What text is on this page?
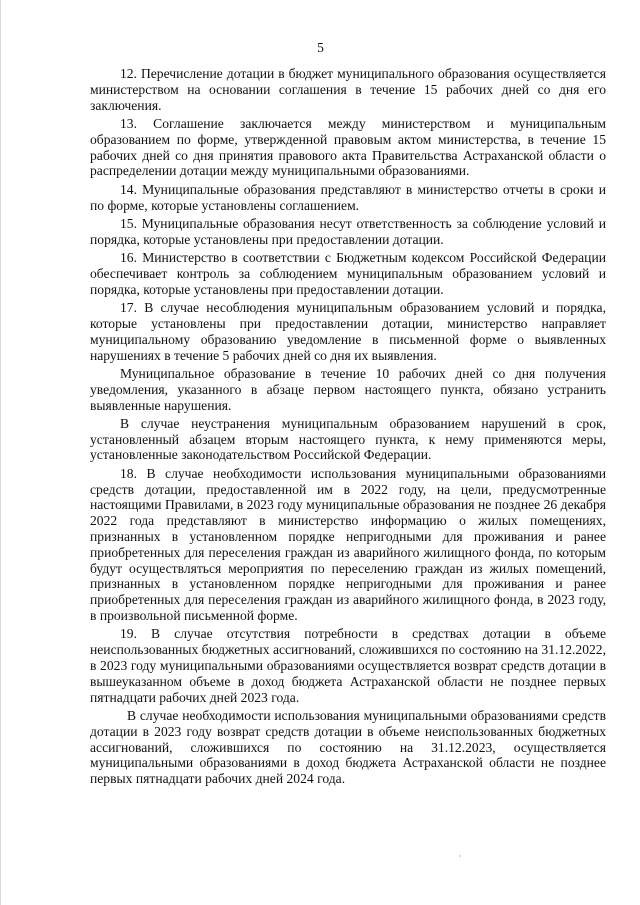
5

12. Перечисление дотации в бюджет муниципального образования осуществляется министерством на основании соглашения в течение 15 рабочих дней со дня его заключения.

13. Соглашение заключается между министерством и муниципальным образованием по форме, утвержденной правовым актом министерства, в течение 15 рабочих дней со дня принятия правового акта Правительства Астраханской области о распределении дотации между муниципальными образованиями.

14. Муниципальные образования представляют в министерство отчеты в сроки и по форме, которые установлены соглашением.

15. Муниципальные образования несут ответственность за соблюдение условий и порядка, которые установлены при предоставлении дотации.

16. Министерство в соответствии с Бюджетным кодексом Российской Федерации обеспечивает контроль за соблюдением муниципальным образованием условий и порядка, которые установлены при предоставлении дотации.

17. В случае несоблюдения муниципальным образованием условий и порядка, которые установлены при предоставлении дотации, министерство направляет муниципальному образованию уведомление в письменной форме о выявленных нарушениях в течение 5 рабочих дней со дня их выявления.

Муниципальное образование в течение 10 рабочих дней со дня получения уведомления, указанного в абзаце первом настоящего пункта, обязано устранить выявленные нарушения.

В случае неустранения муниципальным образованием нарушений в срок, установленный абзацем вторым настоящего пункта, к нему применяются меры, установленные законодательством Российской Федерации.

18. В случае необходимости использования муниципальными образованиями средств дотации, предоставленной им в 2022 году, на цели, предусмотренные настоящими Правилами, в 2023 году муниципальные образования не позднее 26 декабря 2022 года представляют в министерство информацию о жилых помещениях, признанных в установленном порядке непригодными для проживания и ранее приобретенных для переселения граждан из аварийного жилищного фонда, по которым будут осуществляться мероприятия по переселению граждан из жилых помещений, признанных в установленном порядке непригодными для проживания и ранее приобретенных для переселения граждан из аварийного жилищного фонда, в 2023 году, в произвольной письменной форме.

19. В случае отсутствия потребности в средствах дотации в объеме неиспользованных бюджетных ассигнований, сложившихся по состоянию на 31.12.2022, в 2023 году муниципальными образованиями осуществляется возврат средств дотации в вышеуказанном объеме в доход бюджета Астраханской области не позднее первых пятнадцати рабочих дней 2023 года.

В случае необходимости использования муниципальными образованиями средств дотации в 2023 году возврат средств дотации в объеме неиспользованных бюджетных ассигнований, сложившихся по состоянию на 31.12.2023, осуществляется муниципальными образованиями в доход бюджета Астраханской области не позднее первых пятнадцати рабочих дней 2024 года.
